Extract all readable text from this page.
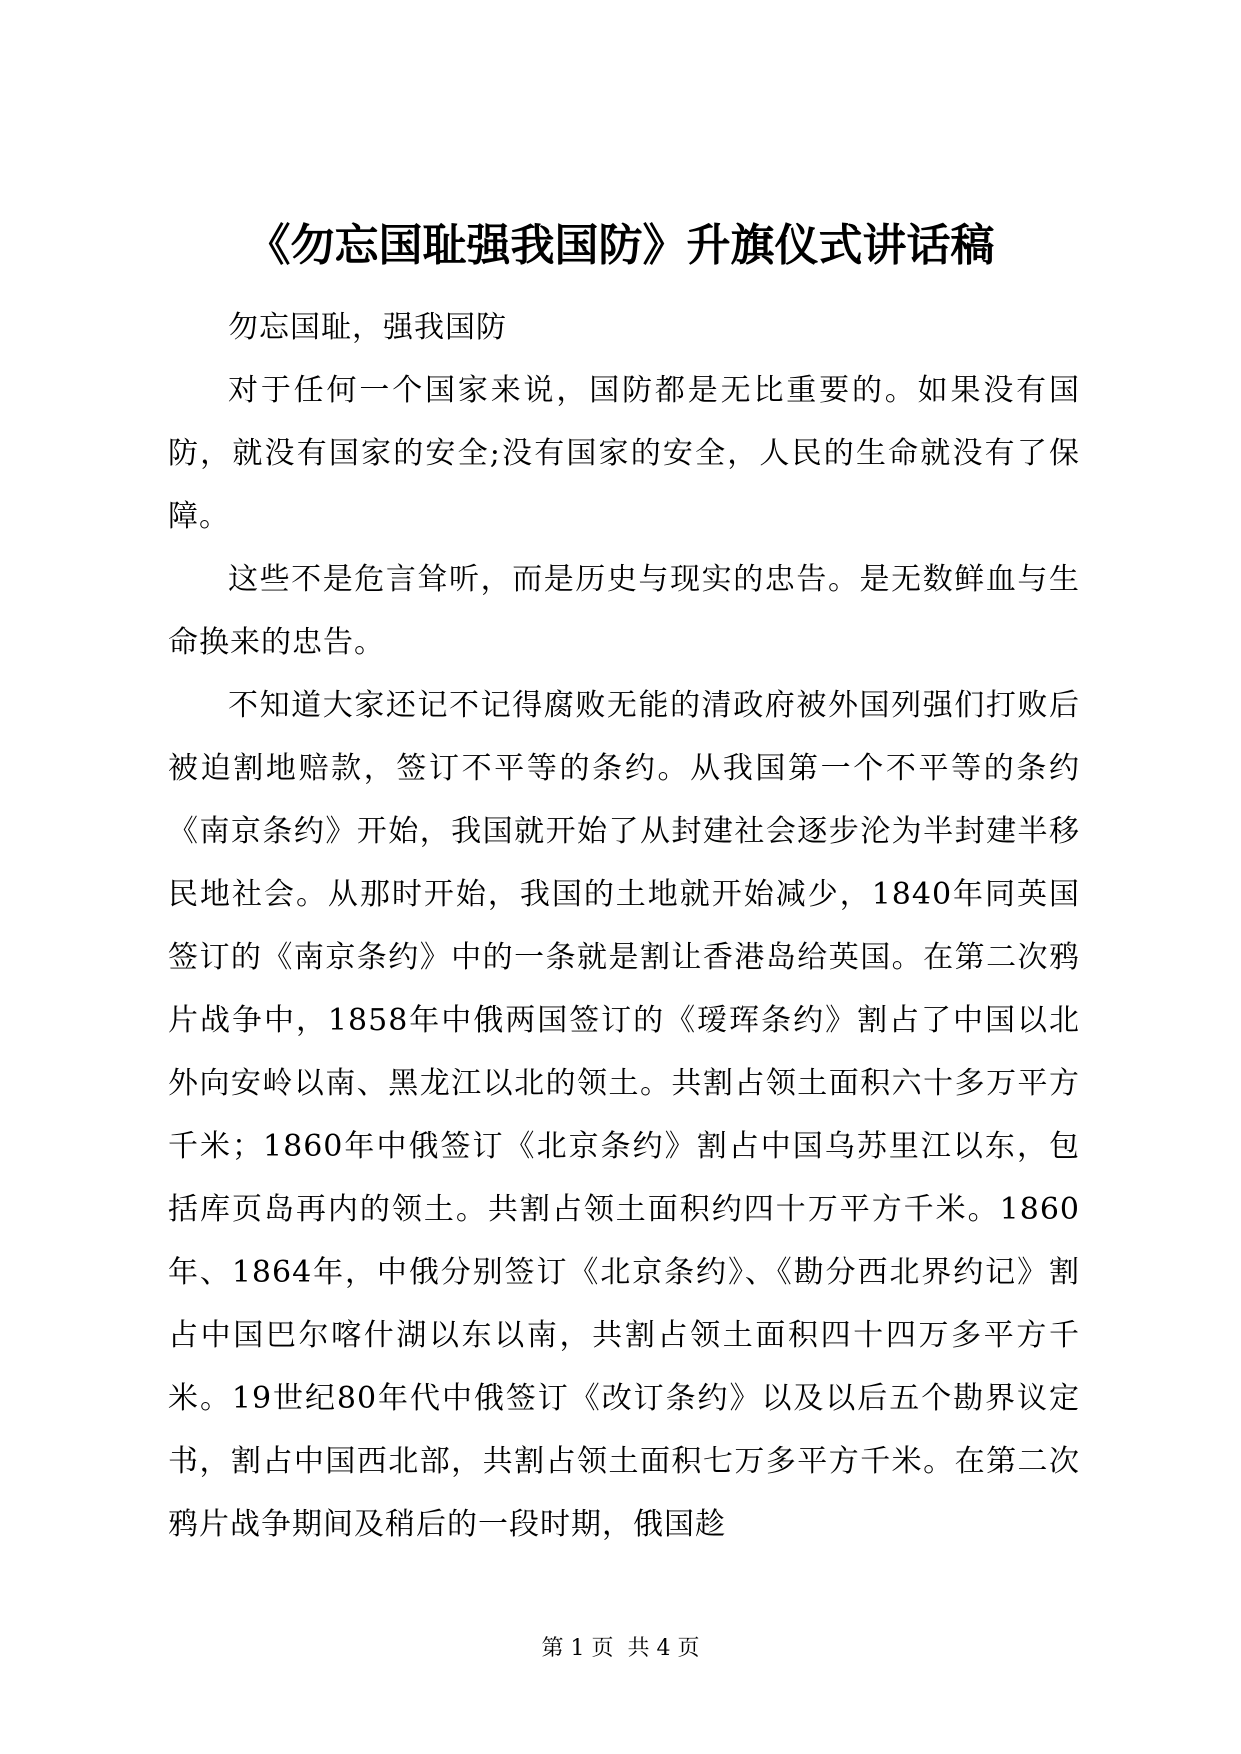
《勿忘国耻强我国防》升旗仪式讲话稿

勿忘国耻，强我国防

对于任何一个国家来说，国防都是无比重要的。如果没有国防，就没有国家的安全;没有国家的安全，人民的生命就没有了保障。

这些不是危言耸听，而是历史与现实的忠告。是无数鲜血与生命换来的忠告。

不知道大家还记不记得腐败无能的清政府被外国列强们打败后被迫割地赔款，签订不平等的条约。从我国第一个不平等的条约《南京条约》开始，我国就开始了从封建社会逐步沦为半封建半移民地社会。从那时开始，我国的土地就开始减少，1840年同英国签订的《南京条约》中的一条就是割让香港岛给英国。在第二次鸦片战争中，1858年中俄两国签订的《瑷珲条约》割占了中国以北外向安岭以南、黑龙江以北的领土。共割占领土面积六十多万平方千米；1860年中俄签订《北京条约》割占中国乌苏里江以东，包括库页岛再内的领土。共割占领土面积约四十万平方千米。1860年、1864年，中俄分别签订《北京条约》、《勘分西北界约记》割占中国巴尔喀什湖以东以南，共割占领土面积四十四万多平方千米。19世纪80年代中俄签订《改订条约》以及以后五个勘界议定书，割占中国西北部，共割占领土面积七万多平方千米。在第二次鸦片战争期间及稍后的一段时期，俄国趁

第 1 页  共 4 页
